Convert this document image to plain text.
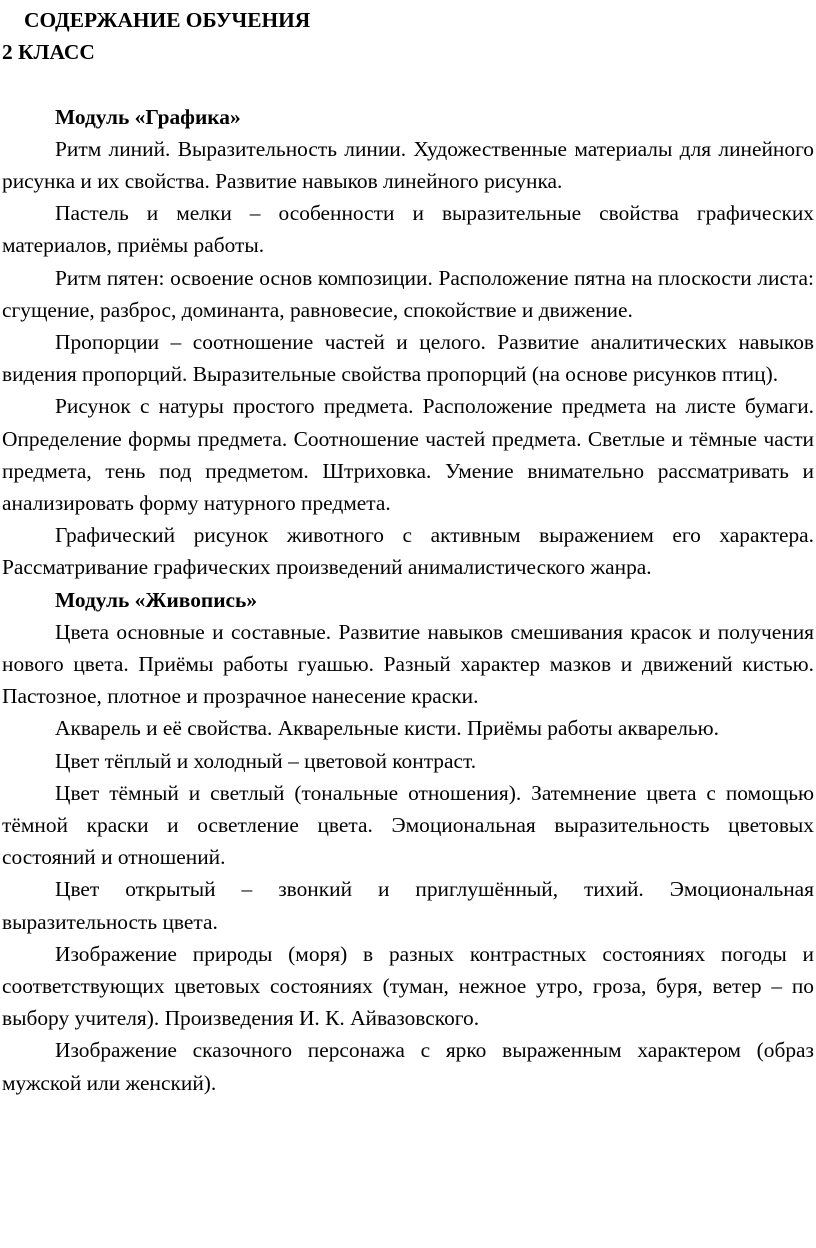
СОДЕРЖАНИЕ ОБУЧЕНИЯ
2 КЛАСС
Модуль «Графика»

Ритм линий. Выразительность линии. Художественные материалы для линейного рисунка и их свойства. Развитие навыков линейного рисунка.

Пастель и мелки – особенности и выразительные свойства графических материалов, приёмы работы.

Ритм пятен: освоение основ композиции. Расположение пятна на плоскости листа: сгущение, разброс, доминанта, равновесие, спокойствие и движение.

Пропорции – соотношение частей и целого. Развитие аналитических навыков видения пропорций. Выразительные свойства пропорций (на основе рисунков птиц).

Рисунок с натуры простого предмета. Расположение предмета на листе бумаги. Определение формы предмета. Соотношение частей предмета. Светлые и тёмные части предмета, тень под предметом. Штриховка. Умение внимательно рассматривать и анализировать форму натурного предмета.

Графический рисунок животного с активным выражением его характера. Рассматривание графических произведений анималистического жанра.

Модуль «Живопись»

Цвета основные и составные. Развитие навыков смешивания красок и получения нового цвета. Приёмы работы гуашью. Разный характер мазков и движений кистью. Пастозное, плотное и прозрачное нанесение краски.

Акварель и её свойства. Акварельные кисти. Приёмы работы акварелью.

Цвет тёплый и холодный – цветовой контраст.

Цвет тёмный и светлый (тональные отношения). Затемнение цвета с помощью тёмной краски и осветление цвета. Эмоциональная выразительность цветовых состояний и отношений.

Цвет открытый – звонкий и приглушённый, тихий. Эмоциональная выразительность цвета.

Изображение природы (моря) в разных контрастных состояниях погоды и соответствующих цветовых состояниях (туман, нежное утро, гроза, буря, ветер – по выбору учителя). Произведения И. К. Айвазовского.

Изображение сказочного персонажа с ярко выраженным характером (образ мужской или женский).
